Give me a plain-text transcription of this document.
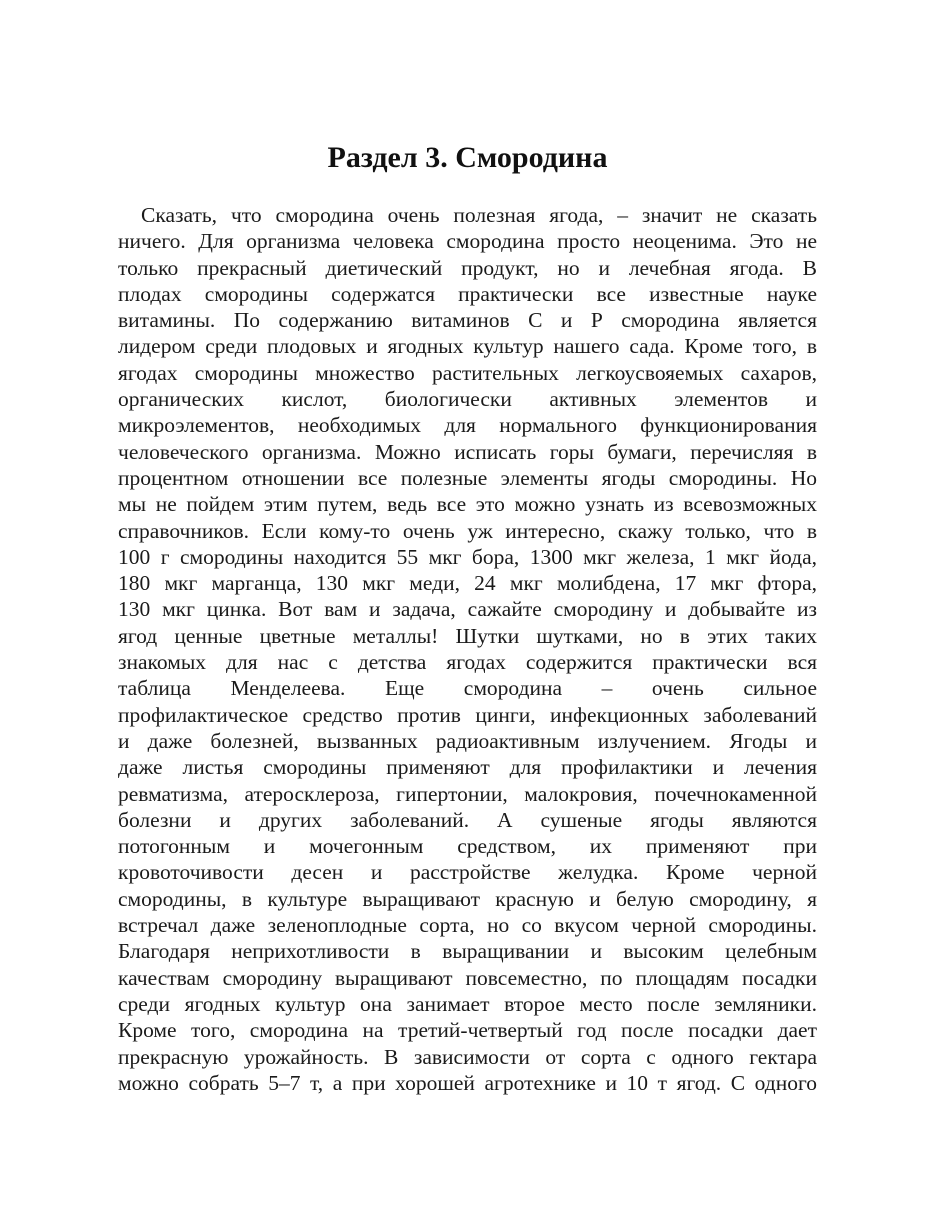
Раздел 3. Смородина
Сказать, что смородина очень полезная ягода, – значит не сказать
ничего. Для организма человека смородина просто неоценима. Это не
только прекрасный диетический продукт, но и лечебная ягода. В
плодах смородины содержатся практически все известные науке
витамины. По содержанию витаминов С и Р смородина является
лидером среди плодовых и ягодных культур нашего сада. Кроме того, в
ягодах смородины множество растительных легкоусвояемых сахаров,
органических кислот, биологически активных элементов и
микроэлементов, необходимых для нормального функционирования
человеческого организма. Можно исписать горы бумаги, перечисляя в
процентном отношении все полезные элементы ягоды смородины. Но
мы не пойдем этим путем, ведь все это можно узнать из всевозможных
справочников. Если кому-то очень уж интересно, скажу только, что в
100 г смородины находится 55 мкг бора, 1300 мкг железа, 1 мкг йода,
180 мкг марганца, 130 мкг меди, 24 мкг молибдена, 17 мкг фтора,
130 мкг цинка. Вот вам и задача, сажайте смородину и добывайте из
ягод ценные цветные металлы! Шутки шутками, но в этих таких
знакомых для нас с детства ягодах содержится практически вся
таблица Менделеева. Еще смородина – очень сильное
профилактическое средство против цинги, инфекционных заболеваний
и даже болезней, вызванных радиоактивным излучением. Ягоды и
даже листья смородины применяют для профилактики и лечения
ревматизма, атеросклероза, гипертонии, малокровия, почечнокаменной
болезни и других заболеваний. А сушеные ягоды являются
потогонным и мочегонным средством, их применяют при
кровоточивости десен и расстройстве желудка. Кроме черной
смородины, в культуре выращивают красную и белую смородину, я
встречал даже зеленоплодные сорта, но со вкусом черной смородины.
Благодаря неприхотливости в выращивании и высоким целебным
качествам смородину выращивают повсеместно, по площадям посадки
среди ягодных культур она занимает второе место после земляники.
Кроме того, смородина на третий-четвертый год после посадки дает
прекрасную урожайность. В зависимости от сорта с одного гектара
можно собрать 5–7 т, а при хорошей агротехнике и 10 т ягод. С одного
